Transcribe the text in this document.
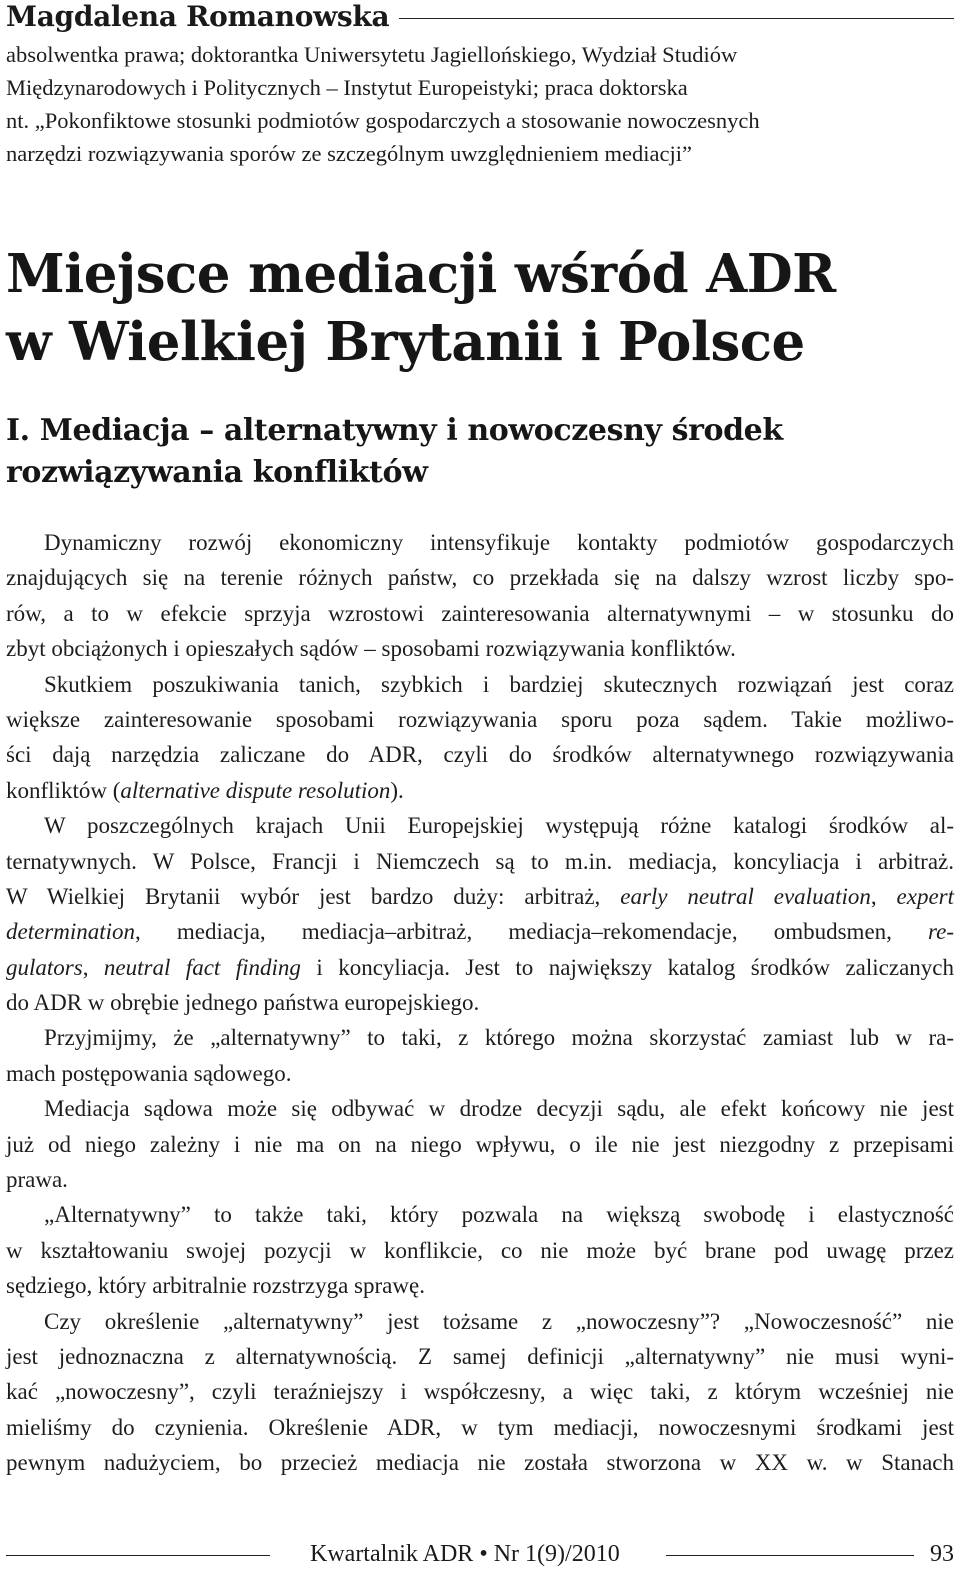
Magdalena Romanowska
absolwentka prawa; doktorantka Uniwersytetu Jagiellońskiego, Wydział Studiów
Międzynarodowych i Politycznych – Instytut Europeistyki; praca doktorska
nt. „Pokonfiktowe stosunki podmiotów gospodarczych a stosowanie nowoczesnych
narzędzi rozwiązywania sporów ze szczególnym uwzględnieniem mediacji”
Miejsce mediacji wśród ADR
w Wielkiej Brytanii i Polsce
I. Mediacja – alternatywny i nowoczesny środek
rozwiązywania konfliktów
Dynamiczny rozwój ekonomiczny intensyfikuje kontakty podmiotów gospodarczych
znajdujących się na terenie różnych państw, co przekłada się na dalszy wzrost liczby spo-
rów, a to w efekcie sprzyja wzrostowi zainteresowania alternatywnymi – w stosunku do
zbyt obciążonych i opieszałych sądów – sposobami rozwiązywania konfliktów.
Skutkiem poszukiwania tanich, szybkich i bardziej skutecznych rozwiązań jest coraz
większe zainteresowanie sposobami rozwiązywania sporu poza sądem. Takie możliwo-
ści dają narzędzia zaliczane do ADR, czyli do środków alternatywnego rozwiązywania
konfliktów (alternative dispute resolution).
W poszczególnych krajach Unii Europejskiej występują różne katalogi środków al-
ternatywnych. W Polsce, Francji i Niemczech są to m.in. mediacja, koncyliacja i arbitraż.
W Wielkiej Brytanii wybór jest bardzo duży: arbitraż, early neutral evaluation, expert
determination, mediacja, mediacja–arbitraż, mediacja–rekomendacje, ombudsmen, re-
gulators, neutral fact finding i koncyliacja. Jest to największy katalog środków zaliczanych
do ADR w obrębie jednego państwa europejskiego.
Przyjmijmy, że „alternatywny” to taki, z którego można skorzystać zamiast lub w ra-
mach postępowania sądowego.
Mediacja sądowa może się odbywać w drodze decyzji sądu, ale efekt końcowy nie jest
już od niego zależny i nie ma on na niego wpływu, o ile nie jest niezgodny z przepisami
prawa.
„Alternatywny” to także taki, który pozwala na większą swobodę i elastyczność
w kształtowaniu swojej pozycji w konflikcie, co nie może być brane pod uwagę przez
sędziego, który arbitralnie rozstrzyga sprawę.
Czy określenie „alternatywny” jest tożsame z „nowoczesny”? „Nowoczesność” nie
jest jednoznaczna z alternatywnością. Z samej definicji „alternatywny” nie musi wyni-
kać „nowoczesny”, czyli teraźniejszy i współczesny, a więc taki, z którym wcześniej nie
mieliśmy do czynienia. Określenie ADR, w tym mediacji, nowoczesnymi środkami jest
pewnym nadużyciem, bo przecież mediacja nie została stworzona w XX w. w Stanach
Kwartalnik ADR • Nr 1(9)/2010	93
